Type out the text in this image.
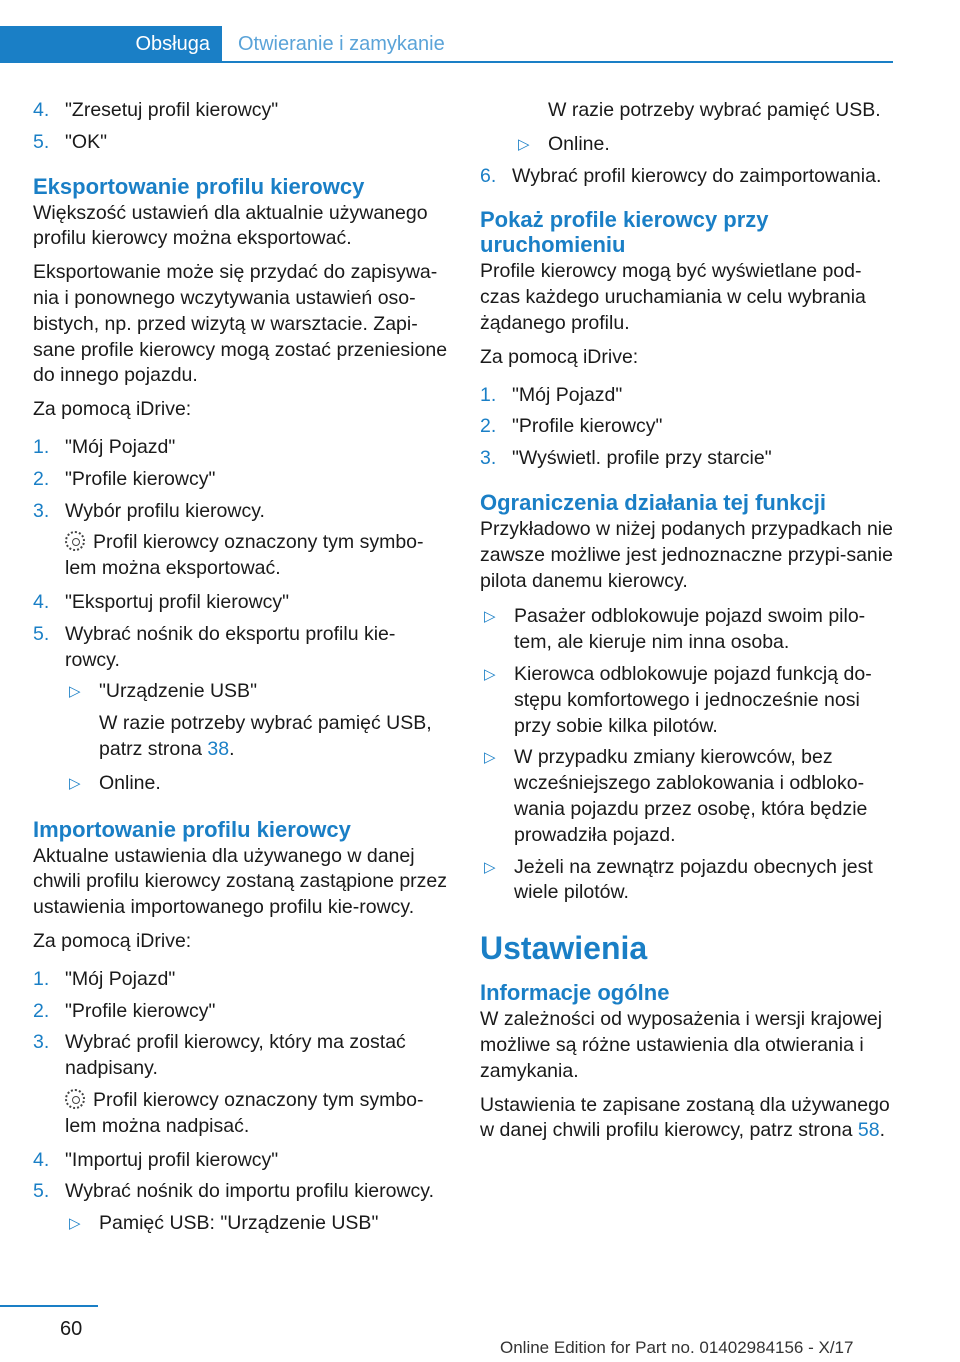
Obsługa	Otwieranie i zamykanie
4. "Zresetuj profil kierowcy"
5. "OK"
Eksportowanie profilu kierowcy

Większość ustawień dla aktualnie używanego profilu kierowcy można eksportować.

Eksportowanie może się przydać do zapisywa‐nia i ponownego wczytywania ustawień oso‐bistych, np. przed wizytą w warsztacie. Zapi‐sane profile kierowcy mogą zostać przeniesione do innego pojazdu.

Za pomocą iDrive:

1. "Mój Pojazd"
2. "Profile kierowcy"
3. Wybór profilu kierowcy.

Profil kierowcy oznaczony tym symbo‐lem można eksportować.

4. "Eksportuj profil kierowcy"
5. Wybrać nośnik do eksportu profilu kie‐rowcy.
▷ "Urządzenie USB"

W razie potrzeby wybrać pamięć USB, patrz strona 38.

▷ Online.
Importowanie profilu kierowcy

Aktualne ustawienia dla używanego w danej chwili profilu kierowcy zostaną zastąpione przez ustawienia importowanego profilu kie‐rowcy.

Za pomocą iDrive:

1. "Mój Pojazd"
2. "Profile kierowcy"
3. Wybrać profil kierowcy, który ma zostać nadpisany.

Profil kierowcy oznaczony tym symbo‐lem można nadpisać.

4. "Importuj profil kierowcy"
5. Wybrać nośnik do importu profilu kierowcy.
▷ Pamięć USB: "Urządzenie USB"

W razie potrzeby wybrać pamięć USB.

▷ Online.
6. Wybrać profil kierowcy do zaimportowania.
Pokaż profile kierowcy przy uruchomieniu

Profile kierowcy mogą być wyświetlane pod‐czas każdego uruchamiania w celu wybrania żądanego profilu.

Za pomocą iDrive:

1. "Mój Pojazd"
2. "Profile kierowcy"
3. "Wyświetl. profile przy starcie"
Ograniczenia działania tej funkcji

Przykładowo w niżej podanych przypadkach nie zawsze możliwe jest jednoznaczne przypi‐sanie pilota danemu kierowcy.

▷ Pasażer odblokowuje pojazd swoim pilo‐tem, ale kieruje nim inna osoba.
▷ Kierowca odblokowuje pojazd funkcją do‐stępu komfortowego i jednocześnie nosi przy sobie kilka pilotów.
▷ W przypadku zmiany kierowców, bez wcześniejszego zablokowania i odbloko‐wania pojazdu przez osobę, która będzie prowadziła pojazd.
▷ Jeżeli na zewnątrz pojazdu obecnych jest wiele pilotów.
Ustawienia
Informacje ogólne

W zależności od wyposażenia i wersji krajowej możliwe są różne ustawienia dla otwierania i zamykania.

Ustawienia te zapisane zostaną dla używanego w danej chwili profilu kierowcy, patrz strona 58.

60
Online Edition for Part no. 01402984156 - X/17
